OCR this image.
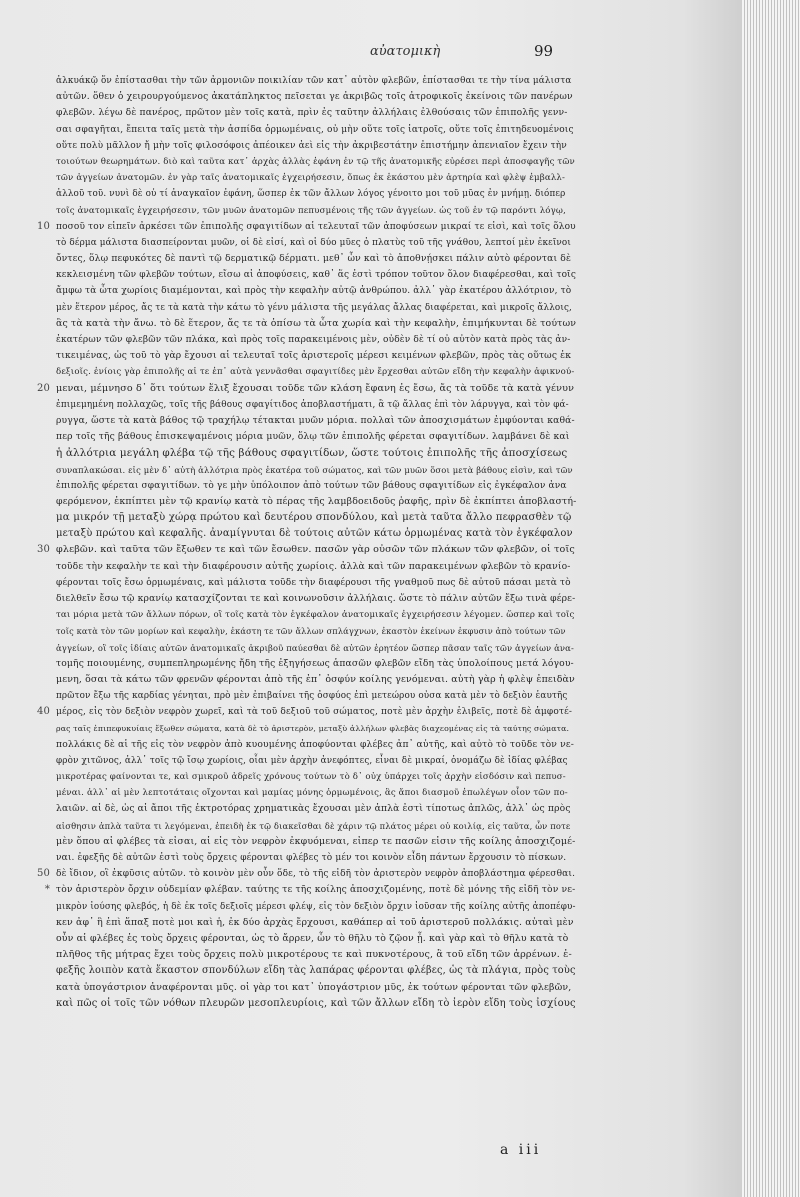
αὐατομικὴ	99
ἀλκυάκῷ ὅν ἐπίστασθαι τὴν τῶν ἀρμονιῶν ποικιλίαν τῶν κατ᾽ αὐτὸν φλεβῶν, ἐπίστασθαι τε τὴν τίνα μάλιστα
αὐτῶν. ὅθεν ὁ χειρουργούμενος ἀκατάπληκτος πεῖσεται γε ἀκριβῶς τοῖς ἀτροφικοῖς ἐκείνοις τῶν πανέρων
φλεβῶν. λέγω δὲ πανέρος, πρῶτον μὲν τοῖς κατὰ, πρὶν ἐς ταῦτην ἀλλήλαις ἐλθούσαις τῶν ἐπιπολῆς γενν-
σαι σφαγῆται, ἔπειτα ταῖς μετὰ τὴν ἀσπίδα ὁρμωμέναις, οὐ μὴν οὕτε τοῖς ἰατροῖς, οὕτε τοῖς ἐπιτηδευομένοις
οὕτε πολὺ μᾶλλον ἤ μὴν τοῖς φιλοσόφοις ἀπέοικεν ἀεὶ εἰς τὴν ἀκριβεστάτην ἐπιστήμην ἀπενιαῖον ἔχειν τὴν
τοιούτων θεωρημάτων. διὸ καὶ ταῦτα κατ᾽ ἀρχὰς ἀλλὰς ἐφάνη ἐν τῷ τῆς ἀνατομικῆς εὐρέσει περὶ ἀποσφαγῆς τῶν
τῶν ἀγγείων ἀνατομῶν. ἐν γὰρ ταῖς ἀνατομικαῖς ἐγχειρήσεσιν, ὅπως ἐκ ἑκάστου μὲν ἀρτηρία καὶ φλὲψ ἐμβαλλ-
ἀλλοῦ τοῦ. νυνὶ δὲ οὐ τί ἀναγκαῖον ἐφάνη, ὥσπερ ἐκ τῶν ἄλλων λόγος γένοιτο μοι τοῦ μῦας ἐν μνήμῃ. διόπερ
τοῖς ἀνατομικαῖς ἐγχειρήσεσιν, τῶν μυῶν ἀνατομῶν πεπυσμένοις τῆς τῶν ἀγγείων. ὡς τοῦ ἐν τῷ παρόντι λόγῳ,
10 ποσοῦ τον εἰπεῖν ἀρκέσει τῶν ἐπιπολῆς σφαγιτίδων αἱ τελευταῖ τῶν ἀποφύσεων μικραί τε εἰσὶ, καὶ τοῖς ὅλου
τὸ δέρμα μάλιστα διασπείρονται μυῶν, οἱ δὲ εἰσί, καὶ οἱ δύο μῦες ὁ πλατὺς τοῦ τῆς γνάθου, λεπτοί μὲν ἐκεῖνοι
ὄντες, ὅλῳ πεφυκότες δὲ παντὶ τῷ δερματικῷ δέρματι. μεθ᾽ ὧν καὶ τὸ ἀποθνῄσκει πάλιν αὐτὸ φέρονται δὲ
κεκλεισμένη τῶν φλεβῶν τούτων, εἴσω αἱ ἀποφύσεις, καθ᾽ ἅς ἐστὶ τρόπον τοῦτον ὅλον διαφέρεσθαι, καὶ τοῖς
ἄμφω τὰ ὧτα χωρίοις διαμέμονται, καὶ πρὸς τὴν κεφαλὴν αὐτῷ ἀνθρώπου. ἀλλ᾽ γὰρ ἐκατέρου ἀλλότριον, τὸ
μὲν ἕτερον μέρος, ἄς τε τὰ κατὰ τὴν κάτω τὸ γένυ μάλιστα τῆς μεγάλας ἄλλας διαφέρεται, καὶ μικροῖς ἄλλοις,
ἃς τὰ κατὰ τὴν ἄνω. τὸ δὲ ἕτερον, ἄς τε τὰ ὀπίσω τὰ ὧτα χωρία καὶ τὴν κεφαλὴν, ἐπιμήκυνται δὲ τούτων
ἐκατέρων τῶν φλεβῶν τῶν πλάκα, καὶ πρὸς τοῖς παρακειμένοις μὲν, οὐδὲν δὲ τί οὐ αὐτὸν κατὰ πρὸς τὰς ἀν-
τικειμένας, ὡς τοῦ τὸ γὰρ ἔχουσι αἱ τελευταῖ τοῖς ἀριστεροῖς μέρεσι κειμένων φλεβῶν, πρὸς τὰς οὕτως ἐκ
δεξιοῖς. ἐνίοις γὰρ ἐπιπολῆς αἱ τε ἐπ᾽ αὐτὰ γεννᾶσθαι σφαγιτίδες μὲν ἔρχεσθαι αὐτῶν εἴδη τὴν κεφαλὴν ἀφικνού-
20 μεναι, μέμνησο δ᾽ ὅτι τούτων ἕλιξ ἔχουσαι τοῦδε τῶν κλάση ἔφανη ἐς ἔσω, ἄς τὰ τοῦδε τὰ κατὰ γένυν
ἐπιμεμημένη πολλαχῶς, τοῖς τῆς βάθους σφαγίτιδος ἀποβλαστήματι, ἃ τῷ ἄλλας ἐπὶ τὸν λάρυγγα, καὶ τὸν φά-
ρυγγα, ὥστε τὰ κατὰ βάθος τῷ τραχήλῳ τέτακται μυῶν μόρια. πολλαὶ τῶν ἀποσχισμάτων ἐμφύονται καθά-
περ τοῖς τῆς βάθους ἐπισκεψαμένοις μόρια μυῶν, ὅλῳ τῶν ἐπιπολῆς φέρεται σφαγιτίδων. λαμβάνει δὲ καὶ
ἡ ἀλλότρια μεγάλη φλέβα τῷ τῆς βάθους σφαγιτίδων, ὥστε τούτοις ἐπιπολῆς τῆς ἀποσχίσεως
συναπλακώσαι. εἰς μὲν δ᾽ αὐτὴ ἀλλότρια πρὸς ἑκατέρα τοῦ σώματος, καὶ τῶν μυῶν ὅσοι μετὰ βάθους εἰσὶν, καὶ τῶν
ἐπιπολῆς φέρεται σφαγιτίδων. τὸ γε μὴν ὑπόλοιπον ἀπὸ τούτων τῶν βάθους σφαγιτίδων εἰς ἐγκέφαλον ἀνα
φερόμενον, ἐκπίπτει μὲν τῷ κρανίῳ κατὰ τὸ πέρας τῆς λαμβδοειδοῦς ῥαφῆς, πρὶν δὲ ἐκπίπτει ἀποβλαστή-
μα μικρόν τῇ μεταξὺ χώρᾳ πρώτου καὶ δευτέρου σπονδύλου, καὶ μετὰ ταῦτα ἄλλο πεφρασθὲν τῷ
μεταξὺ πρώτου καὶ κεφαλῆς. ἀναμίγνυται δὲ τούτοις αὐτῶν κάτω ὁρμωμένας κατὰ τὸν ἐγκέφαλον
30 φλεβῶν. καὶ ταῦτα τῶν ἔξωθεν τε καὶ τῶν ἔσωθεν. πασῶν γὰρ οὐσῶν τῶν πλάκων τῶν φλεβῶν, οἱ τοῖς
τοῦδε τὴν κεφαλὴν τε καὶ τὴν διαφέρουσιν αὐτῆς χωρίοις. ἀλλὰ καὶ τῶν παρακειμένων φλεβῶν τὸ κρανίο-
φέρονται τοῖς ἔσω ὁρμωμέναις, καὶ μάλιστα τοῦδε τὴν διαφέρουσι τῆς γναθμοῦ πως δὲ αὐτοῦ πάσαι μετὰ τὸ
διελθεῖν ἔσω τῷ κρανίῳ κατασχίζονται τε καὶ κοινωνοῦσιν ἀλλήλαις. ὥστε τὸ πάλιν αὐτῶν ἔξω τινὰ φέρε-
ται μόρια μετὰ τῶν ἄλλων πόρων, οἳ τοῖς κατὰ τὸν ἐγκέφαλον ἀνατομικαῖς ἐγχειρήσεσιν λέγομεν. ὥσπερ καὶ τοῖς
τοῖς κατὰ τὸν τῶν μορίων καὶ κεφαλὴν, ἐκάστη τε τῶν ἄλλων σπλάγχνων, ἐκαστὸν ἐκείνων ἐκφυσιν ἀπὸ τούτων τῶν
ἀγγείων, οἳ τοῖς ἰδίαις αὐτῶν ἀνατομικαῖς ἀκριβοῦ παύεσθαι δὲ αὐτῶν ἐρητέον ὥσπερ πᾶσαν ταῖς τῶν ἀγγείων ἀνα-
τομῆς ποιουμένης, συμπεπληρωμένης ἤδη τῆς ἐξηγήσεως ἁπασῶν φλεβῶν εἴδη τὰς ὑπολοίπους μετά λόγου-
μενη, ὅσαι τὰ κάτω τῶν φρενῶν φέρονται ἀπὸ τῆς ἐπ᾽ ὀσφύν κοίλης γενόμεναι. αὐτὴ γὰρ ἡ φλὲψ ἐπειδὰν
πρῶτον ἔξω τῆς καρδίας γένηται, πρὸ μὲν ἐπιβαίνει τῆς ὀσφύος ἐπὶ μετεώρου οὐσα κατὰ μὲν τὸ δεξιὸν ἑαυτῆς
40 μέρος, εἰς τὸν δεξιὸν νεφρὸν χωρεῖ, καὶ τὰ τοῦ δεξιοῦ τοῦ σώματος, ποτὲ μὲν ἀρχὴν ἑλιβεῖς, ποτὲ δὲ ἀμφοτέ-
ρας ταῖς ἐπιπεφυκυίαις ἔξωθεν σώματα, κατὰ δὲ τὸ ἀριστερὸν, μεταξὺ ἀλλήλων φλεβὰς διαχεομένας εἰς τὰ ταύτης σώματα.
πολλάκις δὲ αἱ τῆς εἰς τὸν νεφρὸν ἀπὸ κυουμένης ἀποφύονται φλέβες ἀπ᾽ αὐτῆς, καὶ αὐτὸ τὸ τοῦδε τὸν νε-
φρὸν χιτῶνος, ἀλλ᾽ τοῖς τῷ ἴσῳ χωρίοις, οἷαι μὲν ἀρχὴν ἀνεφόπτες, εἶναι δὲ μικραί, ὀνομάζω δὲ ἰδίας φλέβας
μικροτέρας φαίνονται τε, καὶ σμικροῦ ἀδρεῖς χρόνους τούτων τὸ δ᾽ οὐχ ὑπάρχει τοῖς ἀρχὴν εἰσδόσιν καὶ πεπυσ-
μέναι. ἀλλ᾽ αἱ μὲν λεπτοτάταις οἴχονται καὶ μαμίας μόνης ὁρμωμένοις, ἃς ἄποι διασμοῦ ἐπωλέγων οἷον τῶν πο-
λαιῶν. αἱ δὲ, ὡς αἱ ἄποι τῆς ἐκτροτόρας χρηματικὰς ἔχουσαι μὲν ἀπλὰ ἐστὶ τίποτως ἀπλῶς, ἀλλ᾽ ὡς πρὸς
αἰσθησιν ἀπλὰ ταῦτα τι λεγόμεναι, ἐπειδὴ ἐκ τῷ διακεῖσθαι δὲ χάριν τῷ πλάτος μέρει οὐ κοιλίᾳ, εἰς ταῦτα, ὧν ποτε
μὲν ὅπου αἱ φλέβες τὰ εἰσαι, αἱ εἰς τὸν νεφρὸν ἐκφυόμεναι, εἰπερ τε πασῶν εἰσιν τῆς κοίλης ἀποσχιζομέ-
ναι. ἐφεξῆς δὲ αὐτῶν ἐστὶ τοὺς ὄρχεις φέρονται φλέβες τὸ μέν τοι κοινὸν εἶδη πάντων ἔρχουσιν τὸ πίσκων.
50 δὲ ἴδιον, οἳ ἐκφῦσις αὐτῶν. τὸ κοινὸν μὲν οὖν ὅδε, τὸ τῆς εἰδῆ τὸν ἀριστερὸν νεφρὸν ἀποβλάστημα φέρεσθαι.
* τὸν ἀριστερὸν ὄρχιν οὐδεμίαν φλέβαν. ταύτης τε τῆς κοίλης ἀποσχιζομένης, ποτὲ δὲ μόνης τῆς εἰδῆ τὸν νε-
μικρὸν ἰούσης φλεβός, ἡ δὲ ἐκ τοῖς δεξιοῖς μέρεσι φλέψ, εἰς τὸν δεξιὸν ὄρχιν ἰοῦσαν τῆς κοίλης αὐτῆς ἀποπέφυ-
κεν ἀφ᾽ ἣ ἐπὶ ἅπαξ ποτὲ μοι καὶ ἡ, ἐκ δύο ἀρχὰς ἔρχουσι, καθάπερ αἱ τοῦ ἀριστεροῦ πολλάκις. αὐταὶ μὲν
οὖν αἱ φλέβες ἐς τοὺς ὄρχεις φέρονται, ὡς τὸ ἄρρεν, ὧν τὸ θῆλυ τὸ ζῷον ᾖ. καὶ γὰρ καὶ τὸ θῆλυ κατὰ τὸ
πλῆθος τῆς μήτρας ἔχει τοὺς ὄρχεις πολὺ μικροτέρους τε καὶ πυκνοτέρους, ἃ τοῦ εἴδη τῶν ἀρρένων. ἐ-
φεξῆς λοιπὸν κατὰ ἕκαστον σπονδύλων εἴδη τὰς λαπάρας φέρονται φλέβες, ὡς τὰ πλάγια, πρὸς τοὺς
κατὰ ὑπογάστριον ἀναφέρονται μῦς. οἱ γὰρ τοι κατ᾽ ὑπογάστριον μῦς, ἐκ τούτων φέρονται τῶν φλεβῶν,
καὶ πῶς οἱ τοῖς τῶν νόθων πλευρῶν μεσοπλευρίοις, καὶ τῶν ἄλλων εἴδη τὸ ἱερὸν εἴδη τοὺς ἰσχίους
a iii
